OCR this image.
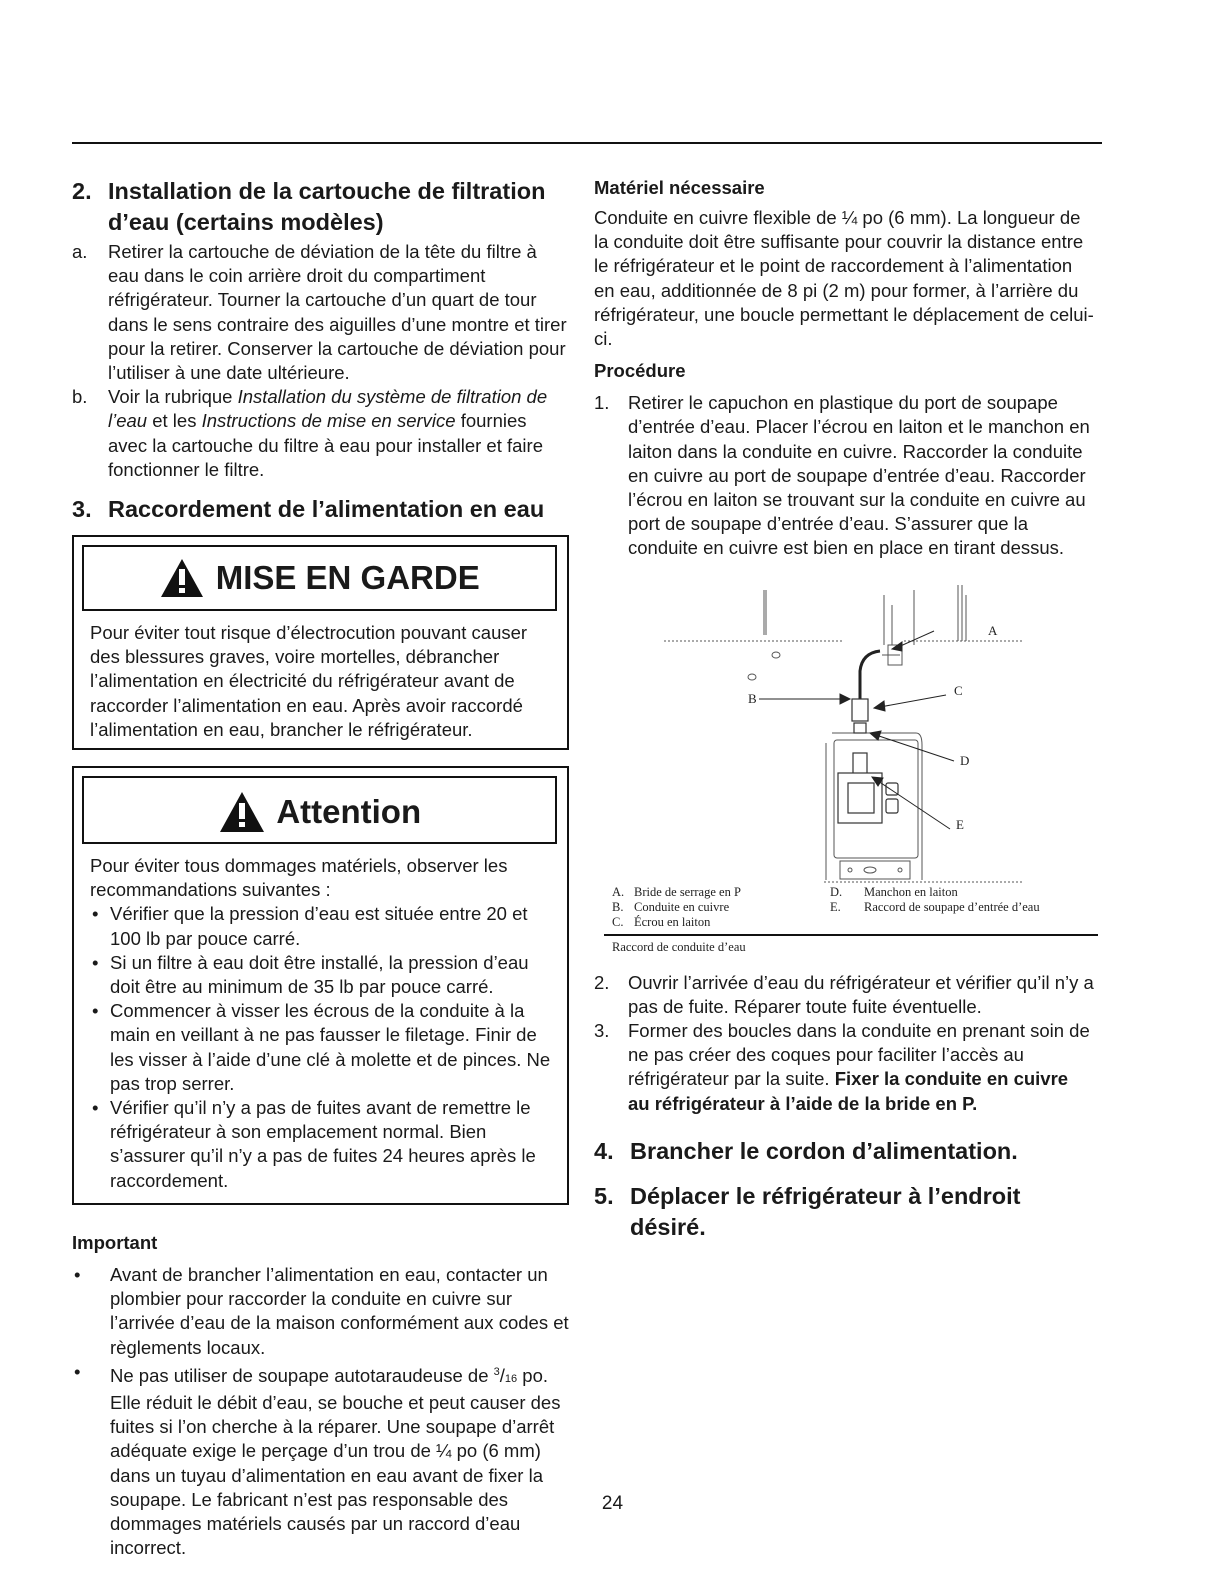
2. Installation de la cartouche de filtration d’eau (certains modèles)
a.	Retirer la cartouche de déviation de la tête du filtre à eau dans le coin arrière droit du compartiment réfrigérateur. Tourner la cartouche d’un quart de tour dans le sens contraire des aiguilles d’une montre et tirer pour la retirer. Conserver la cartouche de déviation pour l’utiliser à une date ultérieure.
b.	Voir la rubrique Installation du système de filtration de l’eau et les Instructions de mise en service fournies avec la cartouche du filtre à eau pour installer et faire fonctionner le filtre.
3. Raccordement de l’alimentation en eau
MISE EN GARDE
Pour éviter tout risque d’électrocution pouvant causer des blessures graves, voire mortelles, débrancher l’alimentation en électricité du réfrigérateur avant de raccorder l’alimentation en eau. Après avoir raccordé l’alimentation en eau, brancher le réfrigérateur.
Attention
Pour éviter tous dommages matériels, observer les recommandations suivantes :
• Vérifier que la pression d’eau est située entre 20 et 100 lb par pouce carré.
• Si un filtre à eau doit être installé, la pression d’eau doit être au minimum de 35 lb par pouce carré.
• Commencer à visser les écrous de la conduite à la main en veillant à ne pas fausser le filetage. Finir de les visser à l’aide d’une clé à molette et de pinces. Ne pas trop serrer.
• Vérifier qu’il n’y a pas de fuites avant de remettre le réfrigérateur à son emplacement normal. Bien s’assurer qu’il n’y a pas de fuites 24 heures après le raccordement.
Important
•	Avant de brancher l’alimentation en eau, contacter un plombier pour raccorder la conduite en cuivre sur l’arrivée d’eau de la maison conformément aux codes et règlements locaux.
•	Ne pas utiliser de soupape autotaraudeuse de $^3$/16 po. Elle réduit le débit d’eau, se bouche et peut causer des fuites si l’on cherche à la réparer. Une soupape d’arrêt adéquate exige le perçage d’un trou de ¼ po (6 mm) dans un tuyau d’alimentation en eau avant de fixer la soupape. Le fabricant n’est pas responsable des dommages matériels causés par un raccord d’eau incorrect.
Matériel nécessaire
Conduite en cuivre flexible de ¼ po (6 mm). La longueur de la conduite doit être suffisante pour couvrir la distance entre le réfrigérateur et le point de raccordement à l’alimentation en eau, additionnée de 8 pi (2 m) pour former, à l’arrière du réfrigérateur, une boucle permettant le déplacement de celui-ci.
Procédure
1.	Retirer le capuchon en plastique du port de soupape d’entrée d’eau. Placer l’écrou en laiton et le manchon en laiton dans la conduite en cuivre. Raccorder la conduite en cuivre au port de soupape d’entrée d’eau. Raccorder l’écrou en laiton se trouvant sur la conduite en cuivre au port de soupape d’entrée d’eau. S’assurer que la conduite en cuivre est bien en place en tirant dessus.
A
B
C
D
E
A. Bride de serrage en P	D.	Manchon en laiton
B. Conduite en cuivre	E.	Raccord de soupape d’entrée d’eau
C. Écrou en laiton
Raccord de conduite d’eau
2.	Ouvrir l’arrivée d’eau du réfrigérateur et vérifier qu’il n’y a pas de fuite. Réparer toute fuite éventuelle.
3.	Former des boucles dans la conduite en prenant soin de ne pas créer des coques pour faciliter l’accès au réfrigérateur par la suite. Fixer la conduite en cuivre au réfrigérateur à l’aide de la bride en P.
4. Brancher le cordon d’alimentation.
5. Déplacer le réfrigérateur à l’endroit désiré.
24
